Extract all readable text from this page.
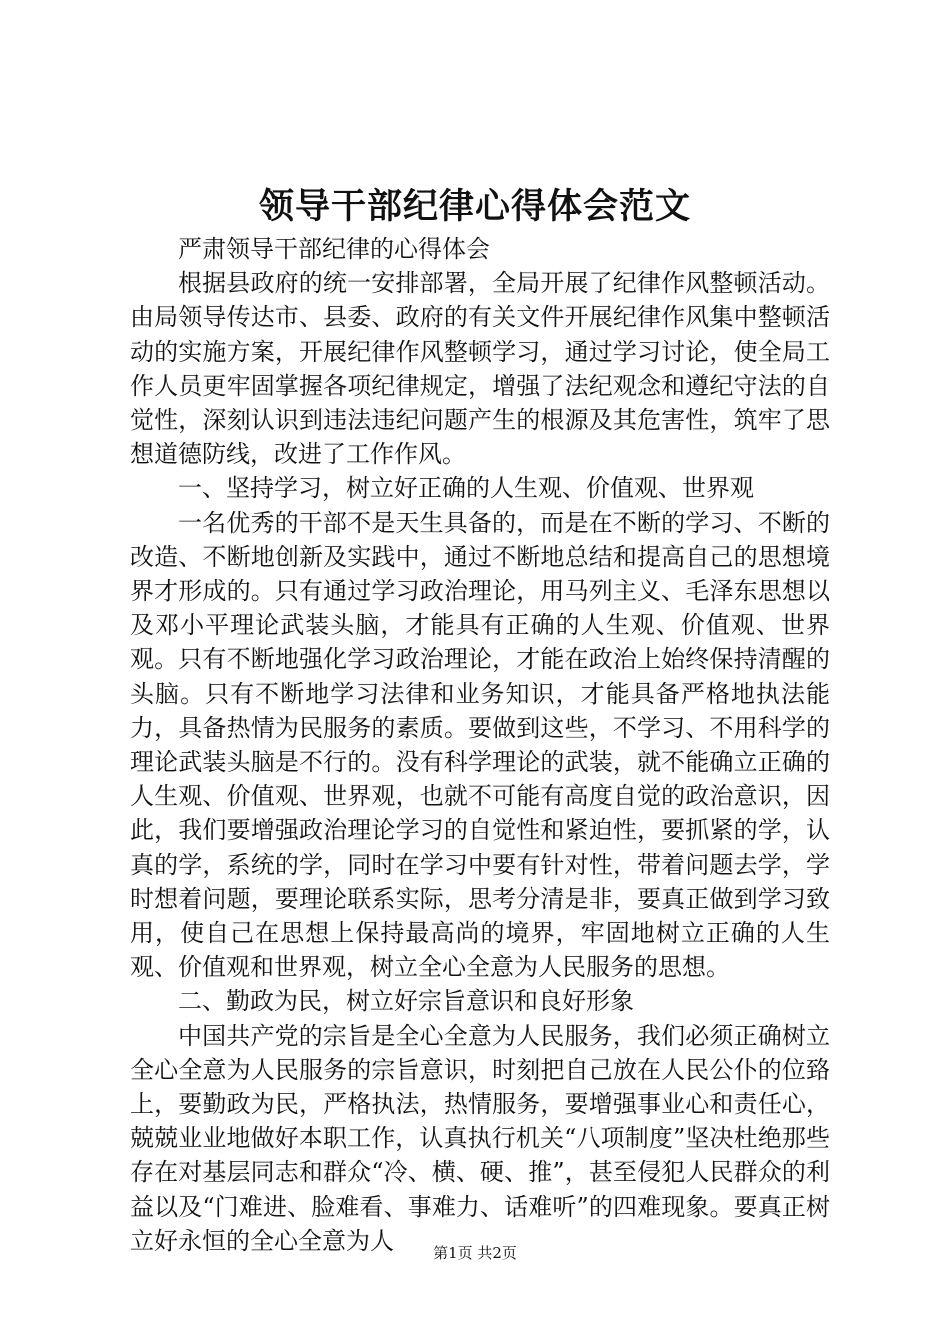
领导干部纪律心得体会范文

严肃领导干部纪律的心得体会

根据县政府的统一安排部署，全局开展了纪律作风整顿活动。由局领导传达市、县委、政府的有关文件开展纪律作风集中整顿活动的实施方案，开展纪律作风整顿学习，通过学习讨论，使全局工作人员更牢固掌握各项纪律规定，增强了法纪观念和遵纪守法的自觉性，深刻认识到违法违纪问题产生的根源及其危害性，筑牢了思想道德防线，改进了工作作风。

一、坚持学习，树立好正确的人生观、价值观、世界观

一名优秀的干部不是天生具备的，而是在不断的学习、不断的改造、不断地创新及实践中，通过不断地总结和提高自己的思想境界才形成的。只有通过学习政治理论，用马列主义、毛泽东思想以及邓小平理论武装头脑，才能具有正确的人生观、价值观、世界观。只有不断地强化学习政治理论，才能在政治上始终保持清醒的头脑。只有不断地学习法律和业务知识，才能具备严格地执法能力，具备热情为民服务的素质。要做到这些，不学习、不用科学的理论武装头脑是不行的。没有科学理论的武装，就不能确立正确的人生观、价值观、世界观，也就不可能有高度自觉的政治意识，因此，我们要增强政治理论学习的自觉性和紧迫性，要抓紧的学，认真的学，系统的学，同时在学习中要有针对性，带着问题去学，学时想着问题，要理论联系实际，思考分清是非，要真正做到学习致用，使自己在思想上保持最高尚的境界，牢固地树立正确的人生观、价值观和世界观，树立全心全意为人民服务的思想。

二、勤政为民，树立好宗旨意识和良好形象

中国共产党的宗旨是全心全意为人民服务，我们必须正确树立全心全意为人民服务的宗旨意识，时刻把自己放在人民公仆的位臵上，要勤政为民，严格执法，热情服务，要增强事业心和责任心，兢兢业业地做好本职工作，认真执行机关“八项制度”坚决杜绝那些存在对基层同志和群众“冷、横、硬、推”，甚至侵犯人民群众的利益以及“门难进、脸难看、事难力、话难听”的四难现象。要真正树立好永恒的全心全意为人	第1页 共2页
